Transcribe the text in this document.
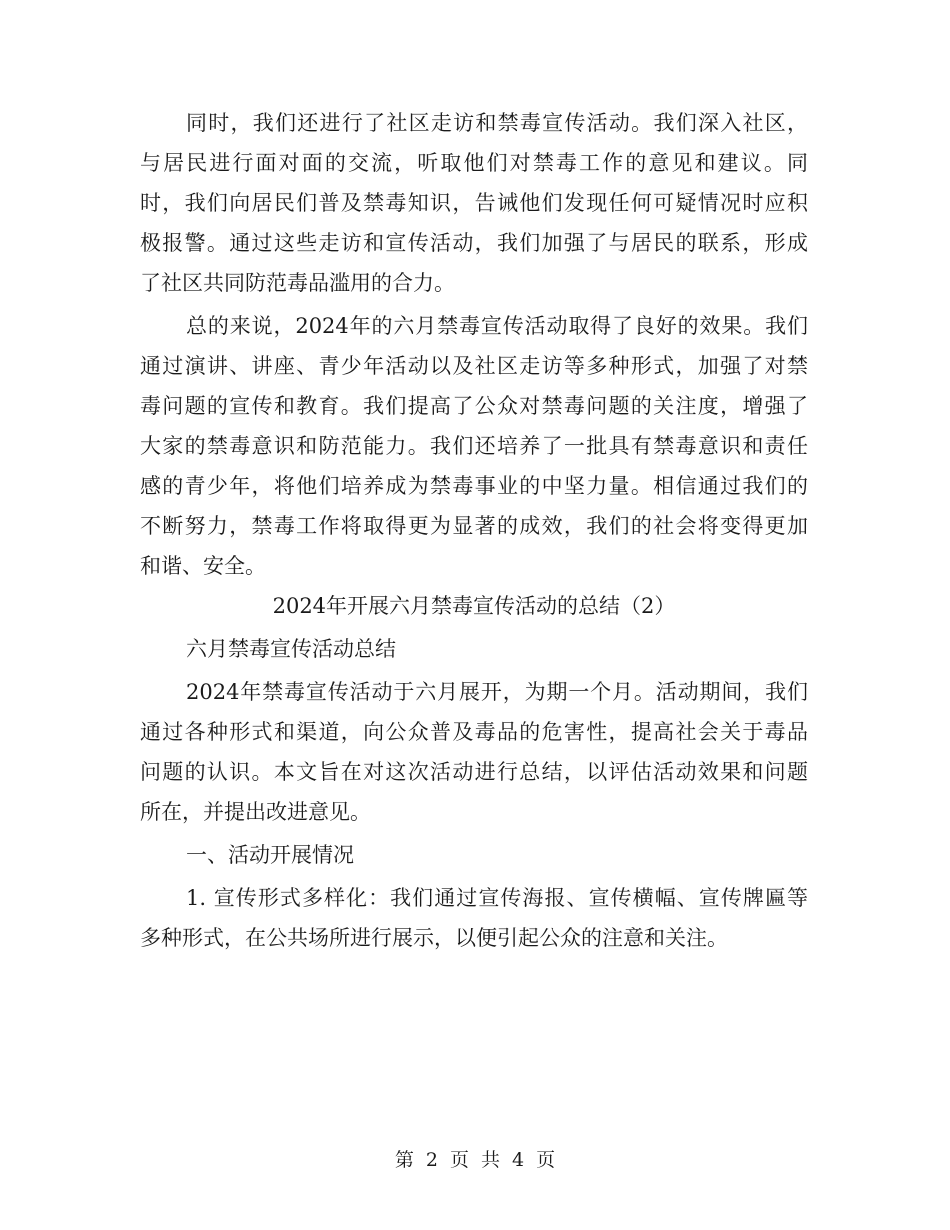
同时，我们还进行了社区走访和禁毒宣传活动。我们深入社区，
与居民进行面对面的交流，听取他们对禁毒工作的意见和建议。同
时，我们向居民们普及禁毒知识，告诫他们发现任何可疑情况时应积
极报警。通过这些走访和宣传活动，我们加强了与居民的联系，形成
了社区共同防范毒品滥用的合力。
总的来说，2024年的六月禁毒宣传活动取得了良好的效果。我们
通过演讲、讲座、青少年活动以及社区走访等多种形式，加强了对禁
毒问题的宣传和教育。我们提高了公众对禁毒问题的关注度，增强了
大家的禁毒意识和防范能力。我们还培养了一批具有禁毒意识和责任
感的青少年，将他们培养成为禁毒事业的中坚力量。相信通过我们的
不断努力，禁毒工作将取得更为显著的成效，我们的社会将变得更加
和谐、安全。
2024年开展六月禁毒宣传活动的总结（2）
六月禁毒宣传活动总结
2024年禁毒宣传活动于六月展开，为期一个月。活动期间，我们
通过各种形式和渠道，向公众普及毒品的危害性，提高社会关于毒品
问题的认识。本文旨在对这次活动进行总结，以评估活动效果和问题
所在，并提出改进意见。
一、活动开展情况
1. 宣传形式多样化：我们通过宣传海报、宣传横幅、宣传牌匾等
多种形式，在公共场所进行展示，以便引起公众的注意和关注。
第 2 页 共 4 页
